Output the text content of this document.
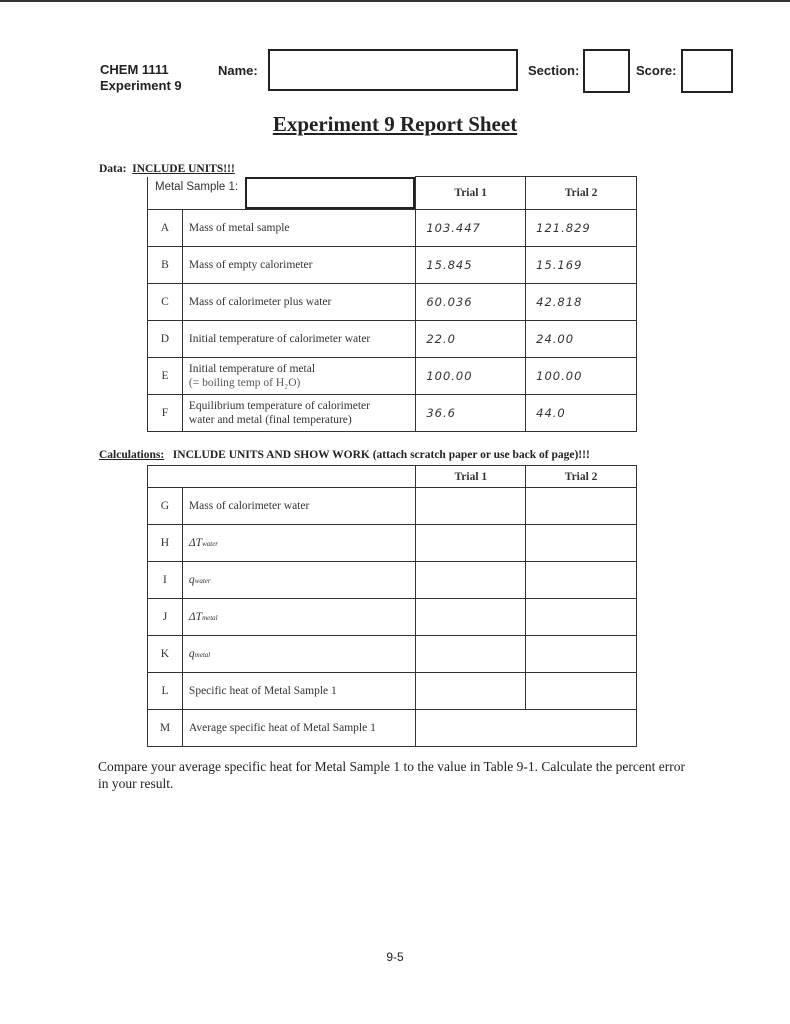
CHEM 1111
Experiment 9
Name:	Section:	Score:
Experiment 9 Report Sheet
Data: INCLUDE UNITS!!!
Metal Sample 1:		Trial 1	Trial 2
A	Mass of metal sample	103.447	121.829
B	Mass of empty calorimeter	15.845	15.169
C	Mass of calorimeter plus water	60.036	42.818
D	Initial temperature of calorimeter water	22.0	24.00
E	Initial temperature of metal
(= boiling temp of H₂O)	100.00	100.00
F	Equilibrium temperature of calorimeter
water and metal (final temperature)	36.6	44.0
Calculations: INCLUDE UNITS AND SHOW WORK (attach scratch paper or use back of page)!!!
		Trial 1	Trial 2
G	Mass of calorimeter water		
H	ΔTwater		
I	qwater		
J	ΔTmetal		
K	qmetal		
L	Specific heat of Metal Sample 1		
M	Average specific heat of Metal Sample 1		
Compare your average specific heat for Metal Sample 1 to the value in Table 9-1. Calculate the percent error in your result.
9-5
